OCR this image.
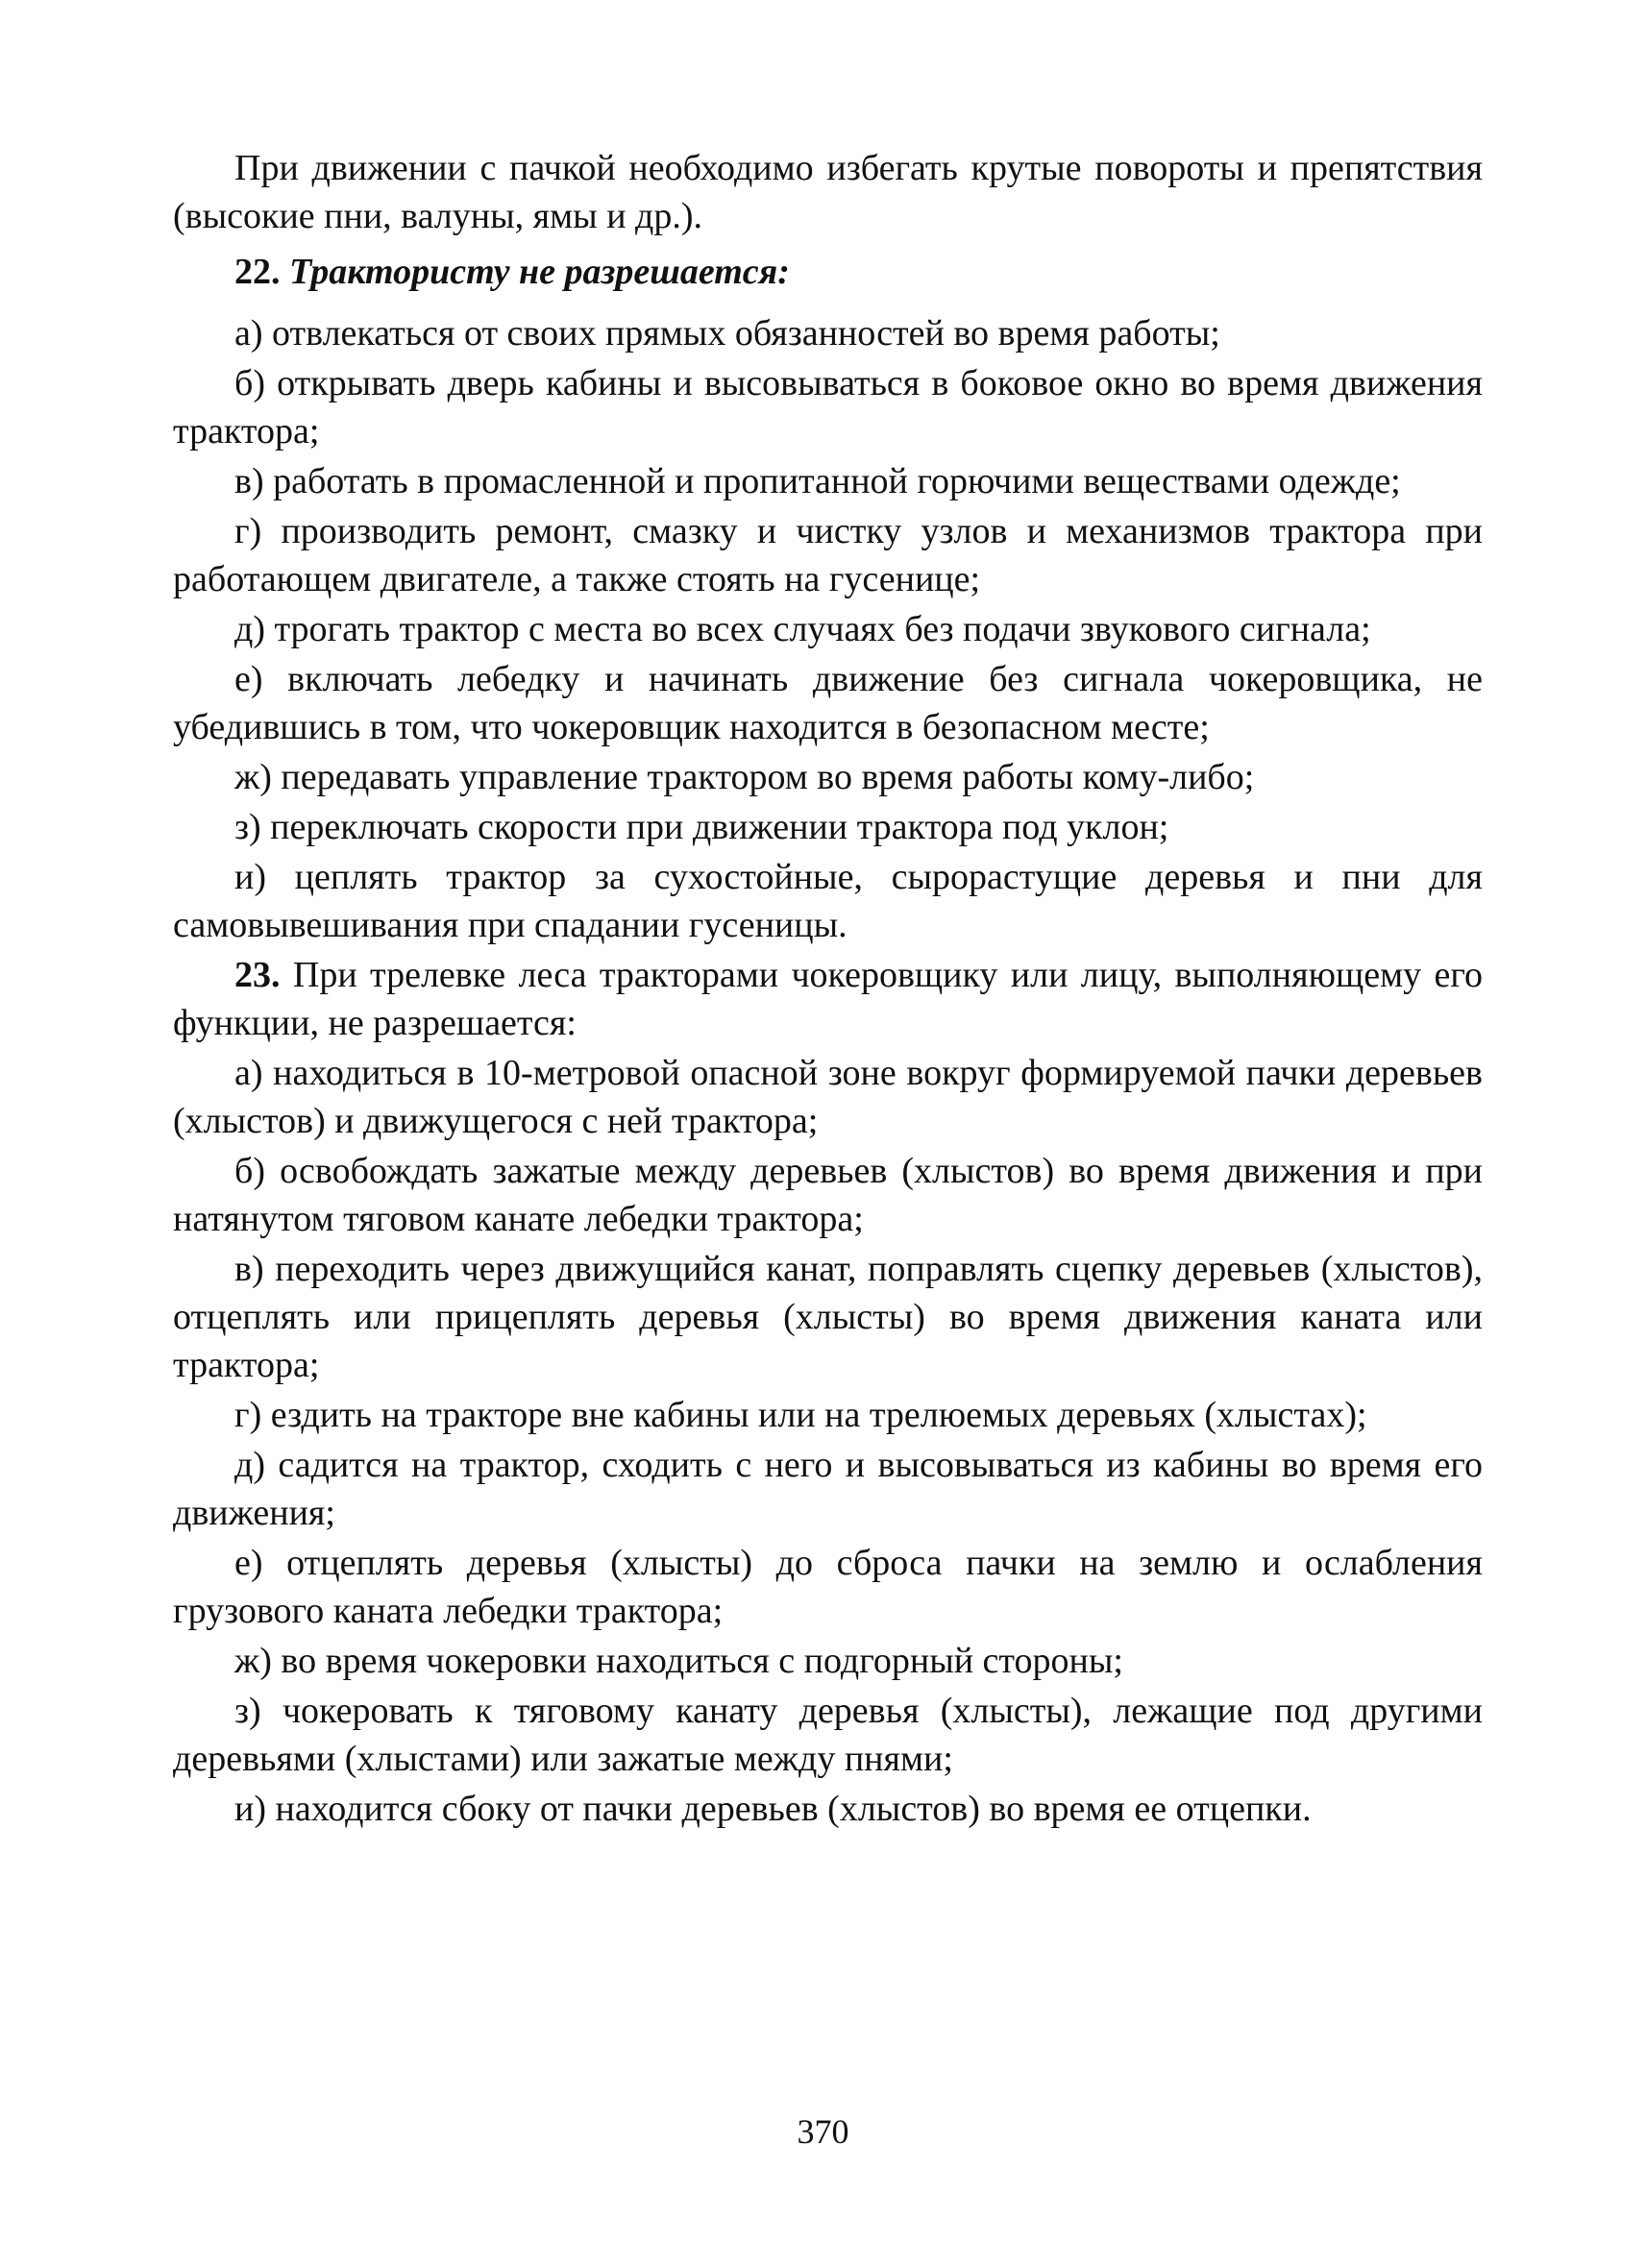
При движении с пачкой необходимо избегать крутые повороты и препятствия (высокие пни, валуны, ямы и др.).

22. Трактористу не разрешается:

а) отвлекаться от своих прямых обязанностей во время работы;

б) открывать дверь кабины и высовываться в боковое окно во время движения трактора;

в) работать в промасленной и пропитанной горючими веществами одежде;

г) производить ремонт, смазку и чистку узлов и механизмов трактора при работающем двигателе, а также стоять на гусенице;

д) трогать трактор с места во всех случаях без подачи звукового сигнала;

е) включать лебедку и начинать движение без сигнала чокеровщика, не убедившись в том, что чокеровщик находится в безопасном месте;

ж) передавать управление трактором во время работы кому-либо;

з) переключать скорости при движении трактора под уклон;

и) цеплять трактор за сухостойные, сырорастущие деревья и пни для самовывешивания при спадании гусеницы.

23. При трелевке леса тракторами чокеровщику или лицу, выполняющему его функции, не разрешается:

а) находиться в 10-метровой опасной зоне вокруг формируемой пачки деревьев (хлыстов) и движущегося с ней трактора;

б) освобождать зажатые между деревьев (хлыстов) во время движения и при натянутом тяговом канате лебедки трактора;

в) переходить через движущийся канат, поправлять сцепку деревьев (хлыстов), отцеплять или прицеплять деревья (хлысты) во время движения каната или трактора;

г) ездить на тракторе вне кабины или на трелюемых деревьях (хлыстах);

д) садится на трактор, сходить с него и высовываться из кабины во время его движения;

е) отцеплять деревья (хлысты) до сброса пачки на землю и ослабления грузового каната лебедки трактора;

ж) во время чокеровки находиться с подгорный стороны;

з) чокеровать к тяговому канату деревья (хлысты), лежащие под другими деревьями (хлыстами) или зажатые между пнями;

и) находится сбоку от пачки деревьев (хлыстов) во время ее отцепки.

370
